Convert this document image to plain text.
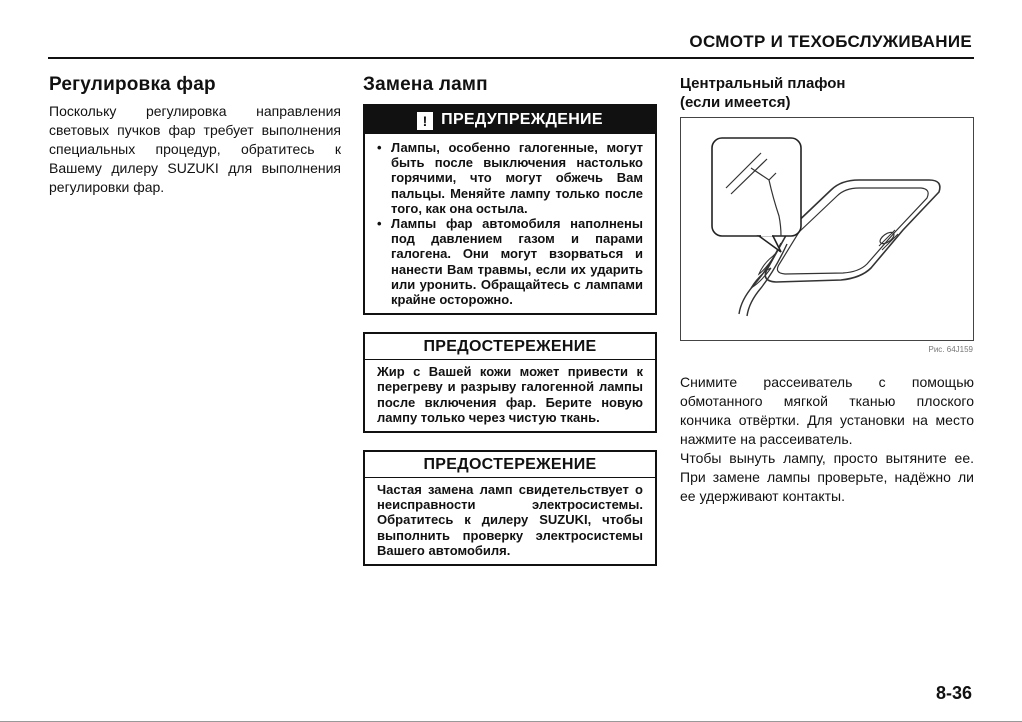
ОСМОТР И ТЕХОБСЛУЖИВАНИЕ
Регулировка фар

Поскольку регулировка направления световых пучков фар требует выполнения специальных процедур, обратитесь к Вашему дилеру SUZUKI для выполнения регулировки фар.

Замена ламп
! ПРЕДУПРЕЖДЕНИЕ
• Лампы, особенно галогенные, могут быть после выключения настолько горячими, что могут обжечь Вам пальцы. Меняйте лампу только после того, как она остыла.
• Лампы фар автомобиля наполнены под давлением газом и парами галогена. Они могут взорваться и нанести Вам травмы, если их ударить или уронить. Обращайтесь с лампами крайне осторожно.
ПРЕДОСТЕРЕЖЕНИЕ

Жир с Вашей кожи может привести к перегреву и разрыву галогенной лампы после включения фар. Берите новую лампу только через чистую ткань.

ПРЕДОСТЕРЕЖЕНИЕ

Частая замена ламп свидетельствует о неисправности электросистемы. Обратитесь к дилеру SUZUKI, чтобы выполнить проверку электросистемы Вашего автомобиля.

Центральный плафон
(если имеется)
Рис. 64J159

Снимите рассеиватель с помощью обмотанного мягкой тканью плоского кончика отвёртки. Для установки на место нажмите на рассеиватель.

Чтобы вынуть лампу, просто вытяните ее. При замене лампы проверьте, надёжно ли ее удерживают контакты.

8-36
